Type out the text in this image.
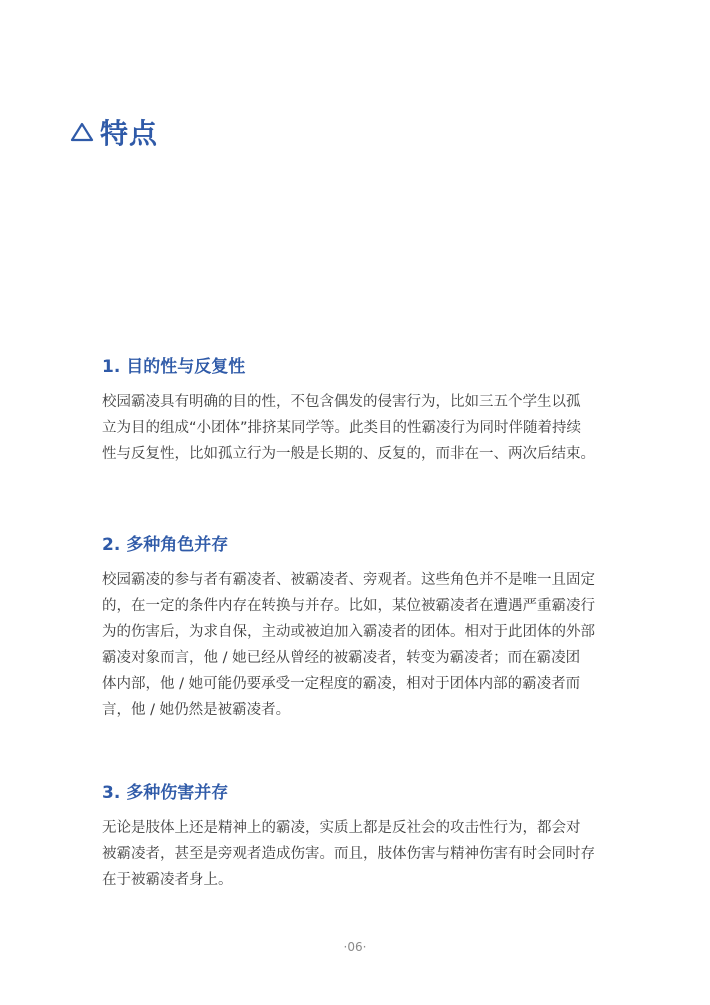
特点
1. 目的性与反复性

校园霸凌具有明确的目的性，不包含偶发的侵害行为，比如三五个学生以孤
立为目的组成“小团体”排挤某同学等。此类目的性霸凌行为同时伴随着持续
性与反复性，比如孤立行为一般是长期的、反复的，而非在一、两次后结束。

2. 多种角色并存

校园霸凌的参与者有霸凌者、被霸凌者、旁观者。这些角色并不是唯一且固定
的，在一定的条件内存在转换与并存。比如，某位被霸凌者在遭遇严重霸凌行
为的伤害后，为求自保，主动或被迫加入霸凌者的团体。相对于此团体的外部
霸凌对象而言，他 / 她已经从曾经的被霸凌者，转变为霸凌者；而在霸凌团
体内部，他 / 她可能仍要承受一定程度的霸凌，相对于团体内部的霸凌者而
言，他 / 她仍然是被霸凌者。

3. 多种伤害并存

无论是肢体上还是精神上的霸凌，实质上都是反社会的攻击性行为，都会对
被霸凌者，甚至是旁观者造成伤害。而且，肢体伤害与精神伤害有时会同时存
在于被霸凌者身上。

·06·
